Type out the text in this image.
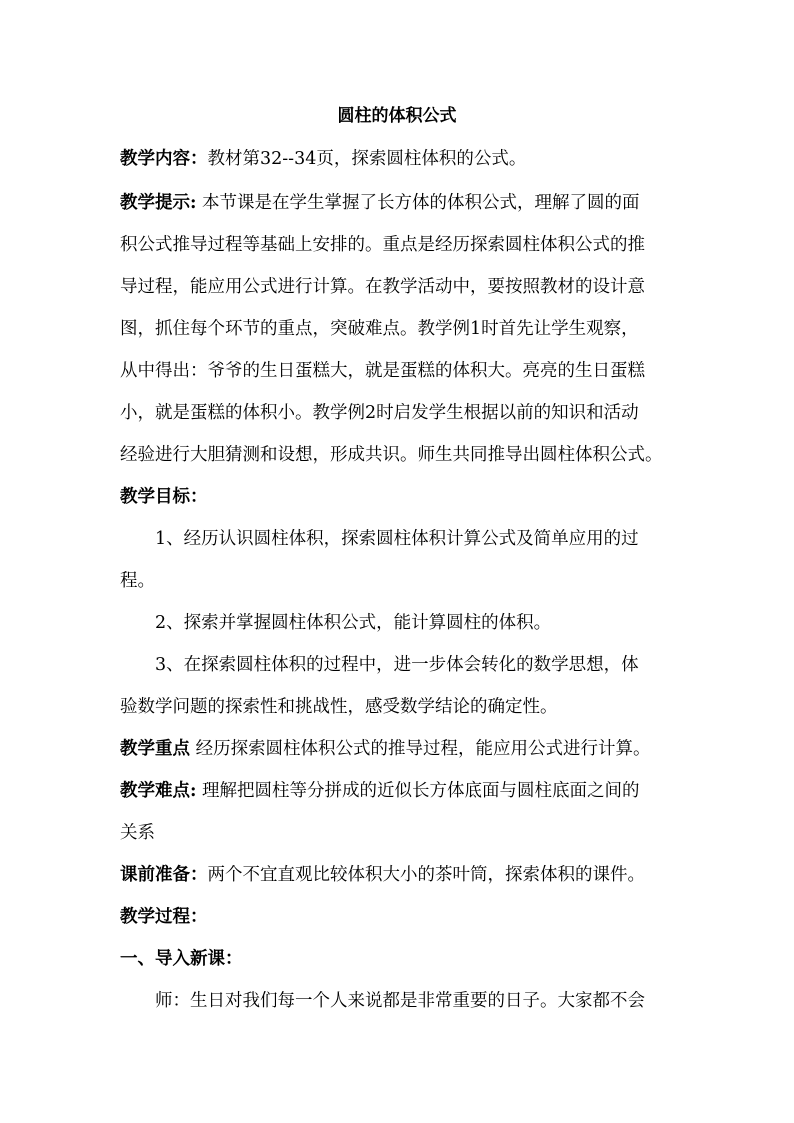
圆柱的体积公式
教学内容：教材第32--34页，探索圆柱体积的公式。
教学提示: 本节课是在学生掌握了长方体的体积公式，理解了圆的面
积公式推导过程等基础上安排的。重点是经历探索圆柱体积公式的推
导过程，能应用公式进行计算。在教学活动中，要按照教材的设计意
图，抓住每个环节的重点，突破难点。教学例1时首先让学生观察，
从中得出：爷爷的生日蛋糕大，就是蛋糕的体积大。亮亮的生日蛋糕
小，就是蛋糕的体积小。教学例2时启发学生根据以前的知识和活动
经验进行大胆猜测和设想，形成共识。师生共同推导出圆柱体积公式。
教学目标：
1、经历认识圆柱体积，探索圆柱体积计算公式及简单应用的过
程。
2、探索并掌握圆柱体积公式，能计算圆柱的体积。
3、在探索圆柱体积的过程中，进一步体会转化的数学思想，体
验数学问题的探索性和挑战性，感受数学结论的确定性。
教学重点 经历探索圆柱体积公式的推导过程，能应用公式进行计算。
教学难点: 理解把圆柱等分拼成的近似长方体底面与圆柱底面之间的
关系
课前准备：两个不宜直观比较体积大小的茶叶筒，探索体积的课件。
教学过程：
一、导入新课：
师：生日对我们每一个人来说都是非常重要的日子。大家都不会
